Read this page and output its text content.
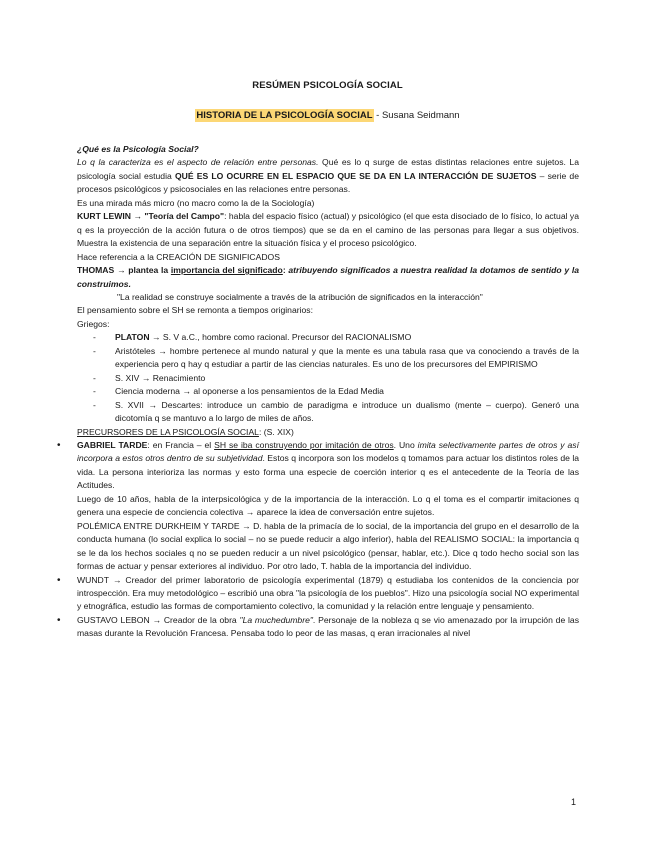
RESÚMEN PSICOLOGÍA SOCIAL
HISTORIA DE LA PSICOLOGÍA SOCIAL - Susana Seidmann

¿Qué es la Psicología Social?

Lo q la caracteriza es el aspecto de relación entre personas. Qué es lo q surge de estas distintas relaciones entre sujetos. La psicología social estudia QUÉ ES LO OCURRE EN EL ESPACIO QUE SE DA EN LA INTERACCIÓN DE SUJETOS – serie de procesos psicológicos y psicosociales en las relaciones entre personas.

Es una mirada más micro (no macro como la de la Sociología)

KURT LEWIN → "Teoría del Campo": habla del espacio físico (actual) y psicológico (el que esta disociado de lo físico, lo actual ya q es la proyección de la acción futura o de otros tiempos) que se da en el camino de las personas para llegar a sus objetivos. Muestra la existencia de una separación entre la situación física y el proceso psicológico.

Hace referencia a la CREACIÓN DE SIGNIFICADOS

THOMAS → plantea la importancia del significado: atribuyendo significados a nuestra realidad la dotamos de sentido y la construimos.

"La realidad se construye socialmente a través de la atribución de significados en la interacción"

El pensamiento sobre el SH se remonta a tiempos originarios:

Griegos:

- PLATON → S. V a.C., hombre como racional. Precursor del RACIONALISMO
- Aristóteles → hombre pertenece al mundo natural y que la mente es una tabula rasa que va conociendo a través de la experiencia pero q hay q estudiar a partir de las ciencias naturales. Es uno de los precursores del EMPIRISMO
- S. XIV → Renacimiento
- Ciencia moderna → al oponerse a los pensamientos de la Edad Media
- S. XVII → Descartes: introduce un cambio de paradigma e introduce un dualismo (mente – cuerpo). Generó una dicotomía q se mantuvo a lo largo de miles de años.

PRECURSORES DE LA PSICOLOGÍA SOCIAL: (S. XIX)

• GABRIEL TARDE: en Francia – el SH se iba construyendo por imitación de otros. Uno imita selectivamente partes de otros y así incorpora a estos otros dentro de su subjetividad. Estos q incorpora son los modelos q tomamos para actuar los distintos roles de la vida. La persona interioriza las normas y esto forma una especie de coerción interior q es el antecedente de la Teoría de las Actitudes.

Luego de 10 años, habla de la interpsicológica y de la importancia de la interacción. Lo q el toma es el compartir imitaciones q genera una especie de conciencia colectiva → aparece la idea de conversación entre sujetos.

POLÉMICA ENTRE DURKHEIM Y TARDE → D. habla de la primacía de lo social, de la importancia del grupo en el desarrollo de la conducta humana (lo social explica lo social – no se puede reducir a algo inferior), habla del REALISMO SOCIAL: la importancia q se le da los hechos sociales q no se pueden reducir a un nivel psicológico (pensar, hablar, etc.). Dice q todo hecho social son las formas de actuar y pensar exteriores al individuo. Por otro lado, T. habla de la importancia del individuo.

• WUNDT → Creador del primer laboratorio de psicología experimental (1879) q estudiaba los contenidos de la conciencia por introspección. Era muy metodológico – escribió una obra "la psicología de los pueblos". Hizo una psicología social NO experimental y etnográfica, estudio las formas de comportamiento colectivo, la comunidad y la relación entre lenguaje y pensamiento.
• GUSTAVO LEBON → Creador de la obra "La muchedumbre". Personaje de la nobleza q se vio amenazado por la irrupción de las masas durante la Revolución Francesa. Pensaba todo lo peor de las masas, q eran irracionales al nivel
1
